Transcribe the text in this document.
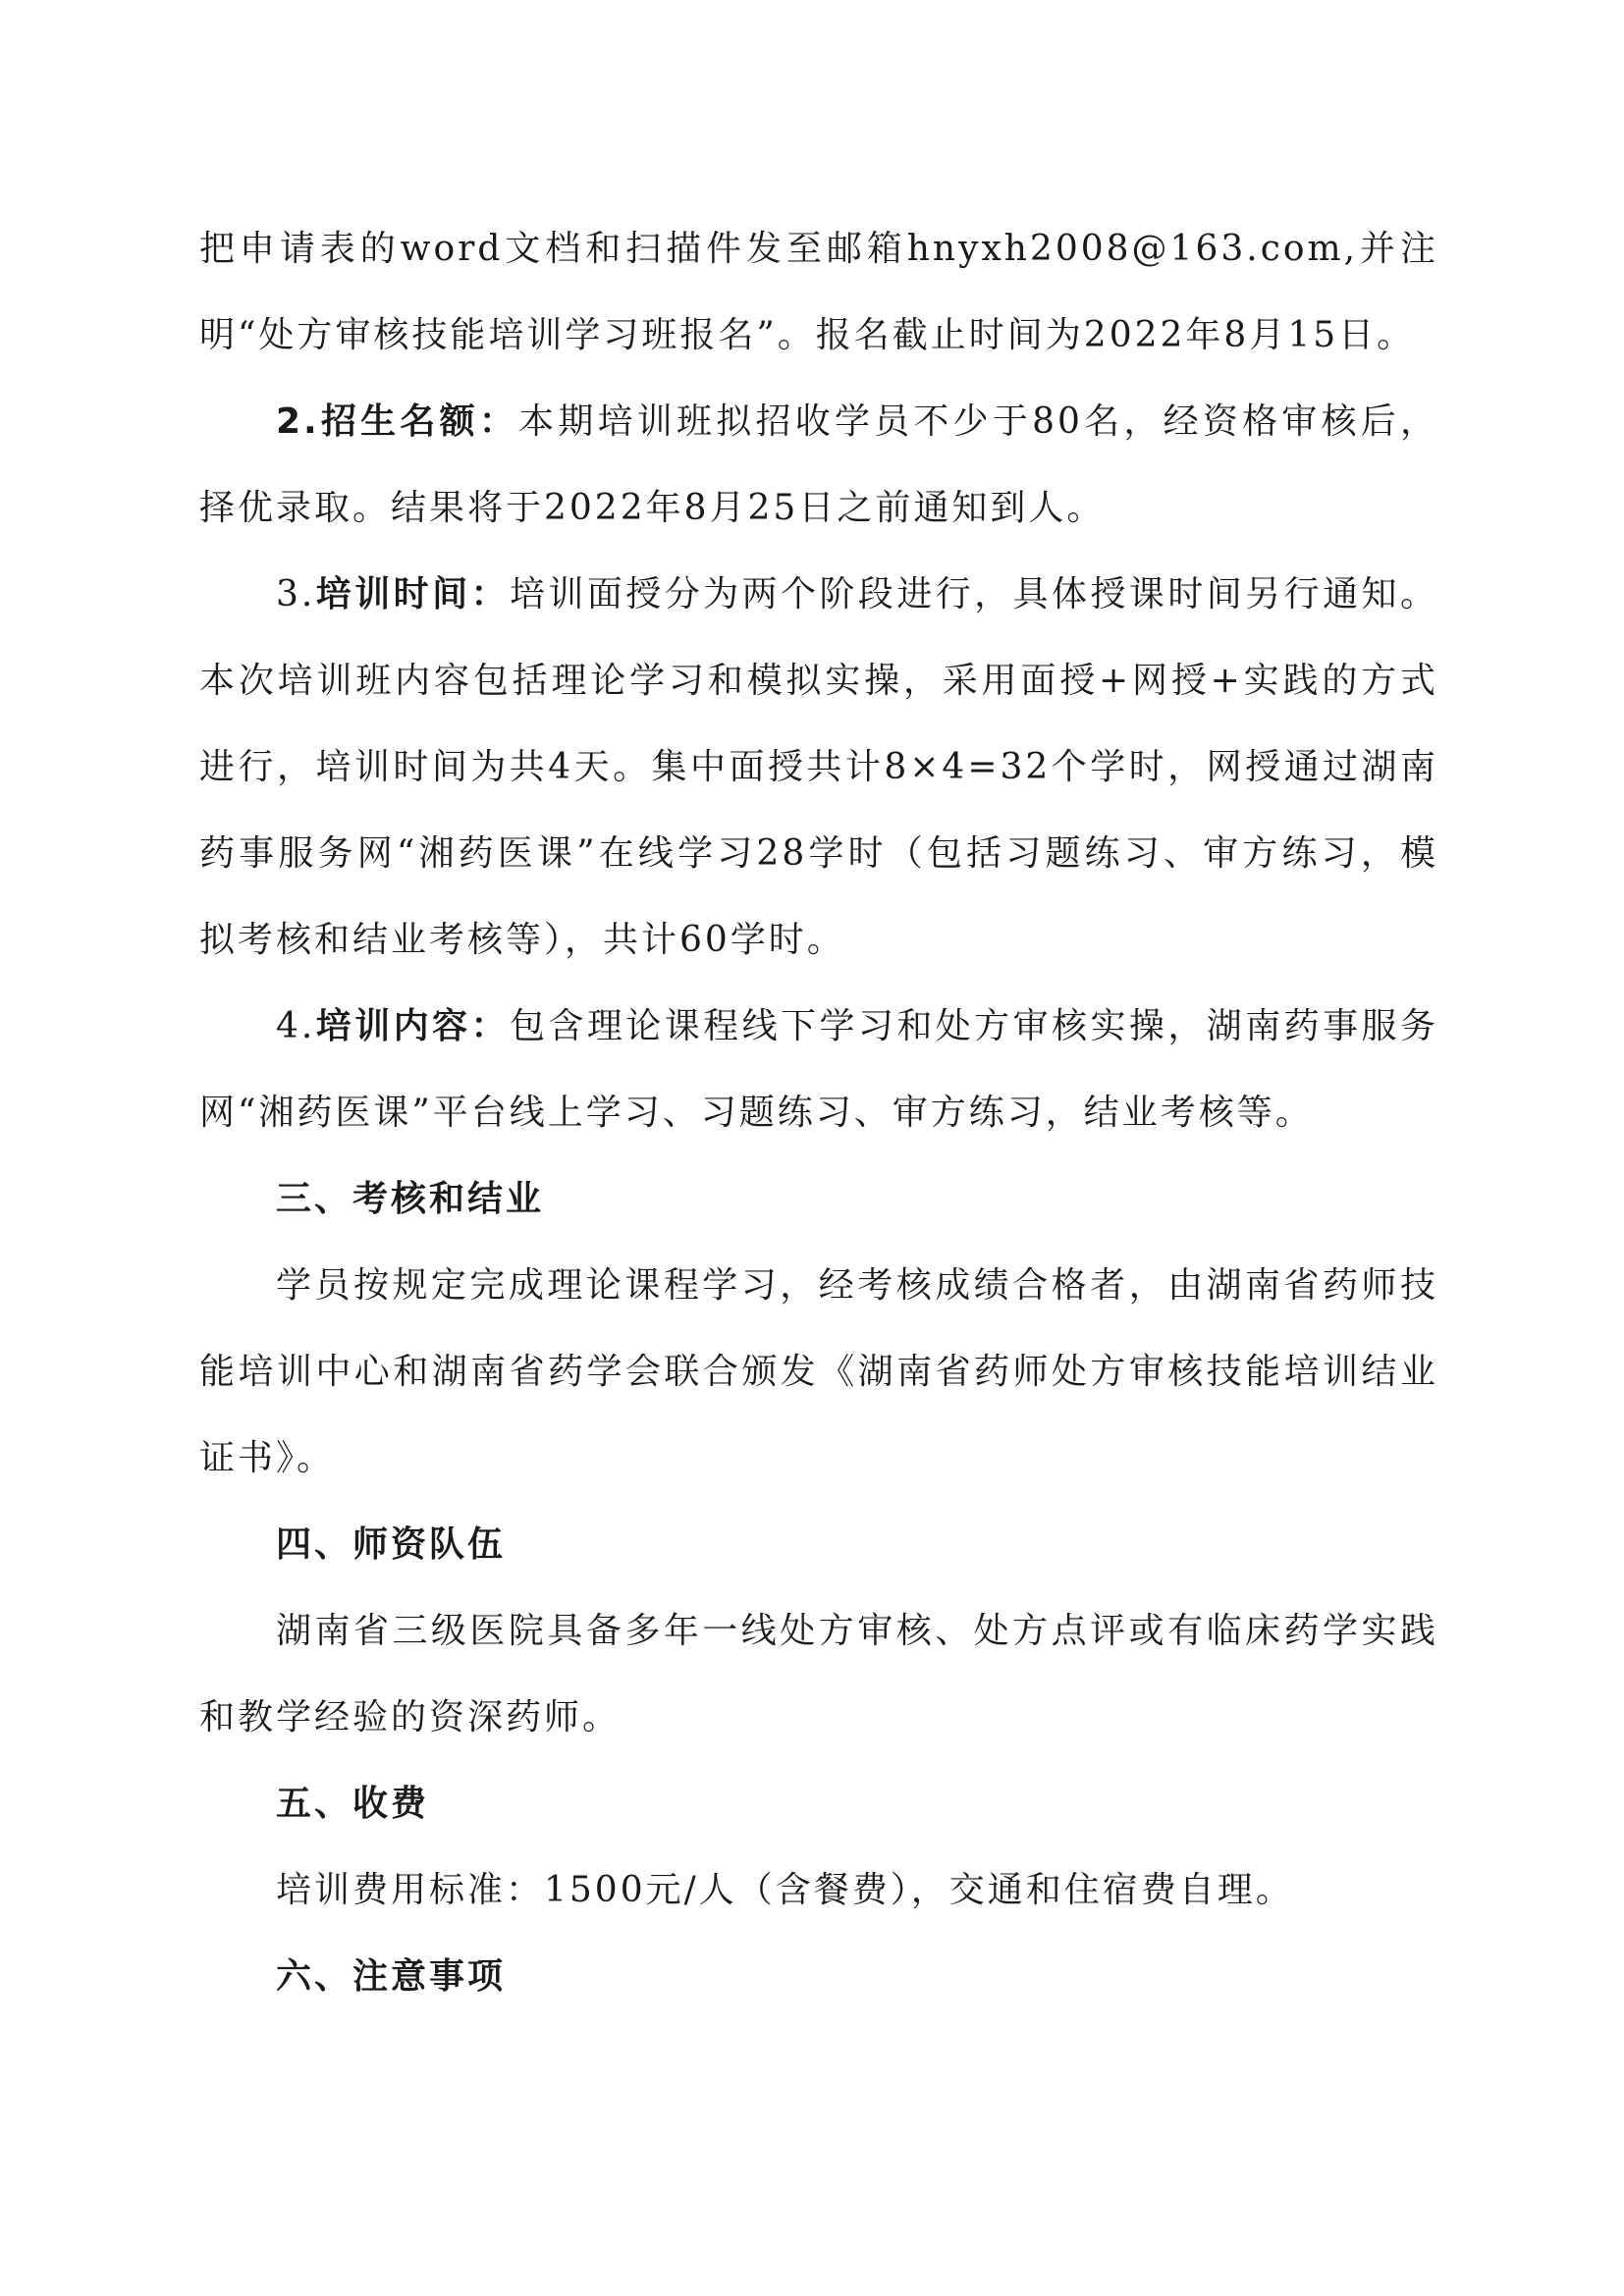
把申请表的word文档和扫描件发至邮箱hnyxh2008@163.com,并注明“处方审核技能培训学习班报名”。报名截止时间为2022年8月15日。

2.招生名额：本期培训班拟招收学员不少于80名，经资格审核后，择优录取。结果将于2022年8月25日之前通知到人。

3.培训时间：培训面授分为两个阶段进行，具体授课时间另行通知。本次培训班内容包括理论学习和模拟实操，采用面授+网授+实践的方式进行，培训时间为共4天。集中面授共计8×4=32个学时，网授通过湖南药事服务网“湘药医课”在线学习28学时（包括习题练习、审方练习，模拟考核和结业考核等），共计60学时。

4.培训内容：包含理论课程线下学习和处方审核实操，湖南药事服务网“湘药医课”平台线上学习、习题练习、审方练习，结业考核等。

三、考核和结业

学员按规定完成理论课程学习，经考核成绩合格者，由湖南省药师技能培训中心和湖南省药学会联合颁发《湖南省药师处方审核技能培训结业证书》。

四、师资队伍

湖南省三级医院具备多年一线处方审核、处方点评或有临床药学实践和教学经验的资深药师。

五、收费

培训费用标准：1500元/人（含餐费），交通和住宿费自理。

六、注意事项
